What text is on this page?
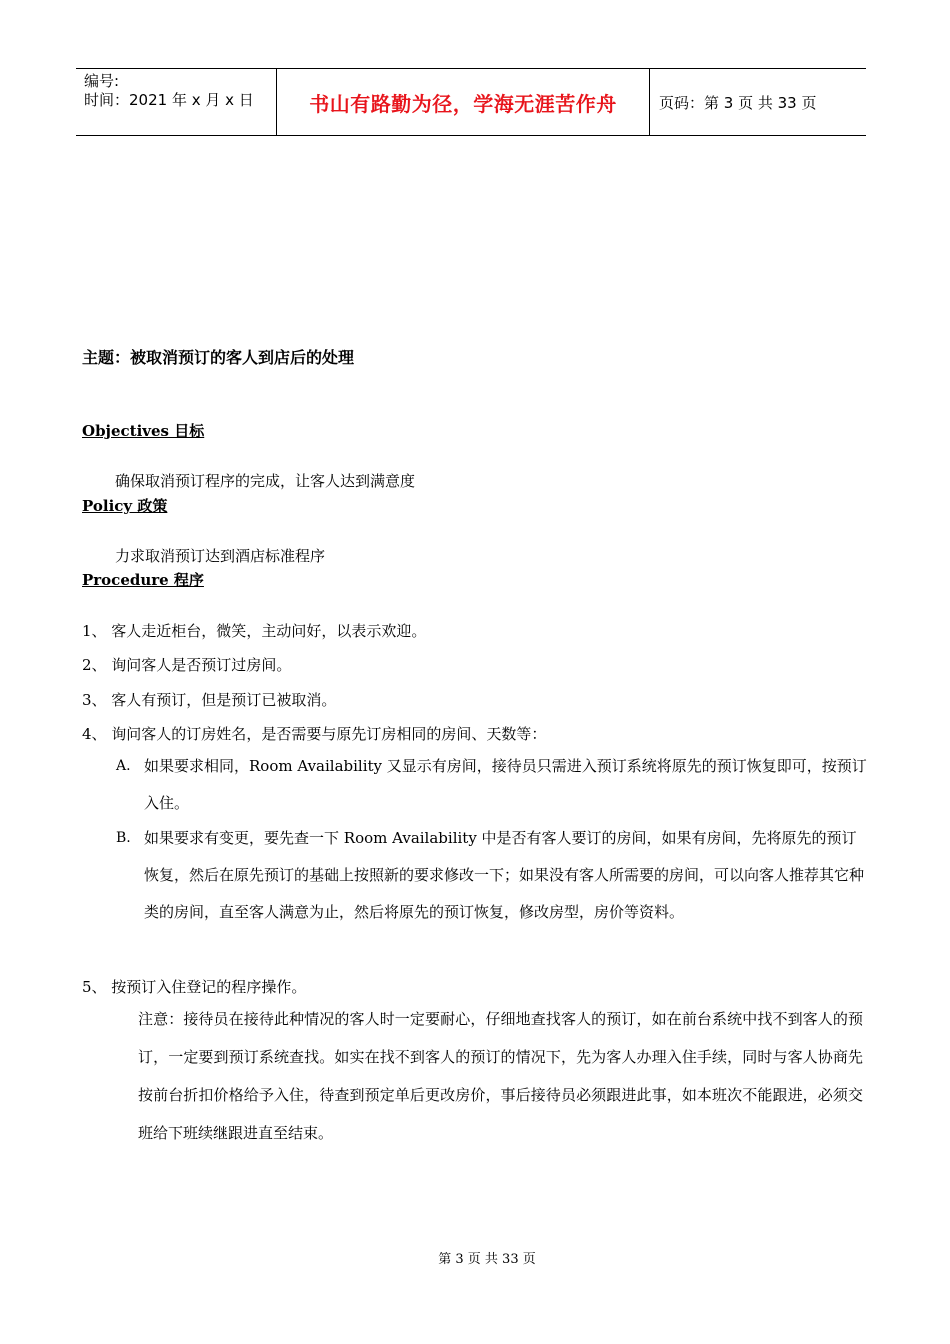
编号:
时间：2021 年 x 月 x 日	书山有路勤为径，学海无涯苦作舟	页码：第 3 页 共 33 页
主题：被取消预订的客人到店后的处理
Objectives 目标
确保取消预订程序的完成，让客人达到满意度
Policy 政策
力求取消预订达到酒店标准程序
Procedure 程序
1、 客人走近柜台，微笑，主动问好，以表示欢迎。
2、 询问客人是否预订过房间。
3、 客人有预订，但是预订已被取消。
4、 询问客人的订房姓名，是否需要与原先订房相同的房间、天数等：
A. 如果要求相同，Room Availability 又显示有房间，接待员只需进入预订系统将原先的预订恢复即可，按预订入住。
B. 如果要求有变更，要先查一下 Room Availability 中是否有客人要订的房间，如果有房间，先将原先的预订恢复，然后在原先预订的基础上按照新的要求修改一下；如果没有客人所需要的房间，可以向客人推荐其它种类的房间，直至客人满意为止，然后将原先的预订恢复，修改房型，房价等资料。
5、 按预订入住登记的程序操作。
注意：接待员在接待此种情况的客人时一定要耐心，仔细地查找客人的预订，如在前台系统中找不到客人的预订，一定要到预订系统查找。如实在找不到客人的预订的情况下，先为客人办理入住手续，同时与客人协商先按前台折扣价格给予入住，待查到预定单后更改房价，事后接待员必须跟进此事，如本班次不能跟进，必须交班给下班续继跟进直至结束。
第 3 页 共 33 页
